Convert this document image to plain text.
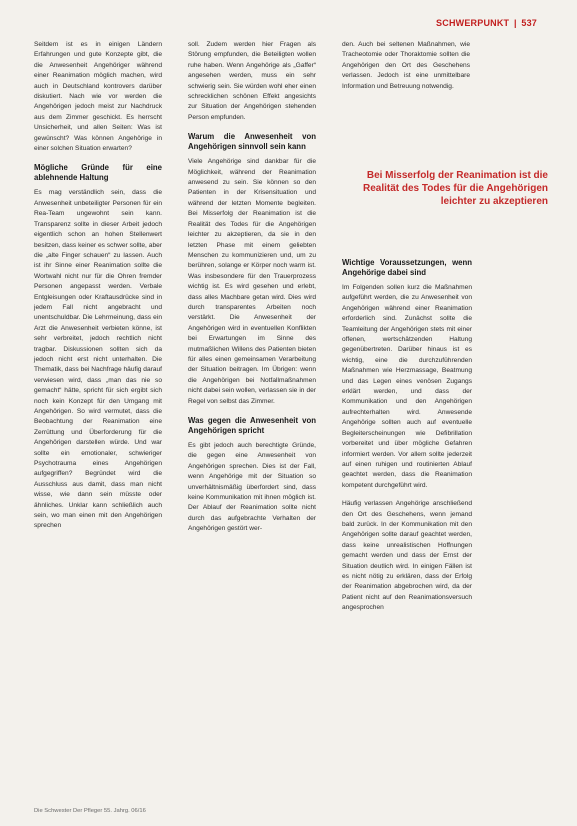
SCHWERPUNKT | 537

Seitdem ist es in einigen Ländern Erfahrungen und gute Konzepte gibt, die die Anwesenheit Angehöriger während einer Reanimation möglich machen, wird auch in Deutschland kontrovers darüber diskutiert. Nach wie vor werden die Angehörigen jedoch meist zur Nachdruck aus dem Zimmer geschickt. Es herrscht Unsicherheit, und allen Seiten: Was ist gewünscht? Was können Angehörige in einer solchen Situation erwarten?

Mögliche Gründe für eine ablehnende Haltung

Es mag verständlich sein, dass die Anwesenheit unbeteiligter Personen für ein Rea-Team ungewohnt sein kann. Transparenz sollte in dieser Arbeit jedoch eigentlich schon an hohen Stellenwert besitzen, dass keiner es schwer sollte, aber die „alte Finger schauen“ zu lassen. Auch ist ihr Sinne einer Reanimation sollte die Wortwahl nicht nur für die Ohren fremder Personen angepasst werden. Verbale Entgleisungen oder Kraftausdrücke sind in jedem Fall nicht angebracht und unentschuldbar. Die Lehrmeinung, dass ein Arzt die Anwesenheit verbieten könne, ist sehr verbreitet, jedoch rechtlich nicht tragbar. Diskussionen sollten sich da jedoch nicht erst nicht unterhalten. Die Thematik, dass bei Nachfrage häufig darauf verwiesen wird, dass „man das nie so gemacht“ hätte, spricht für sich ergibt sich noch kein Konzept für den Umgang mit Angehörigen. So wird vermutet, dass die Beobachtung der Reanimation eine Zerrüttung und Überforderung für die Angehörigen darstellen würde. Und war sollte ein emotionaler, schwieriger Psychotrauma eines Angehörigen aufgegriffen? Begründet wird die Ausschluss aus damit, dass man nicht wisse, wie dann sein müsste oder ähnliches. Unklar kann schließlich auch sein, wo man einen mit den Angehörigen sprechen

soll. Zudem werden hier Fragen als Störung empfunden, die Beteiligten wollen ruhe haben. Wenn Angehörige als „Gaffer“ angesehen werden, muss ein sehr schwierig sein. Sie würden wohl eher einen schrecklichen schönen Effekt angesichts zur Situation der Angehörigen stehenden Person empfunden.

Warum die Anwesenheit von Angehörigen sinnvoll sein kann

Viele Angehörige sind dankbar für die Möglichkeit, während der Reanimation anwesend zu sein. Sie können so den Patienten in der Krisensituation und während der letzten Momente begleiten. Bei Misserfolg der Reanimation ist die Realität des Todes für die Angehörigen leichter zu akzeptieren, da sie in den letzten Phase mit einem geliebten Menschen zu kommunizieren und, um zu berühren, solange er Körper noch warm ist. Was insbesondere für den Trauerprozess wichtig ist. Es wird gesehen und erlebt, dass alles Machbare getan wird. Dies wird durch transparentes Arbeiten noch verstärkt. Die Anwesenheit der Angehörigen wird in eventuellen Konflikten bei Erwartungen im Sinne des mutmaßlichen Willens des Patienten bieten für alles einen gemeinsamen Verarbeitung der Situation beitragen. Im Übrigen: wenn die Angehörigen bei Notfallmaßnahmen nicht dabei sein wollen, verlassen sie in der Regel von selbst das Zimmer.

Was gegen die Anwesenheit von Angehörigen spricht

Es gibt jedoch auch berechtigte Gründe, die gegen eine Anwesenheit von Angehörigen sprechen. Dies ist der Fall, wenn Angehörige mit der Situation so unverhältnismäßig überfordert sind, dass keine Kommunikation mit ihnen möglich ist. Der Ablauf der Reanimation sollte nicht durch das aufgebrachte Verhalten der Angehörigen gestört wer-

den. Auch bei seltenen Maßnahmen, wie Tracheotomie oder Thoraktomie sollten die Angehörigen den Ort des Geschehens verlassen. Jedoch ist eine unmittelbare Information und Betreuung notwendig.

Bei Misserfolg der Reanimation ist die Realität des Todes für die Angehörigen leichter zu akzeptieren
Wichtige Voraussetzungen, wenn Angehörige dabei sind

Im Folgenden sollen kurz die Maßnahmen aufgeführt werden, die zu Anwesenheit von Angehörigen während einer Reanimation erforderlich sind. Zunächst sollte die Teamleitung der Angehörigen stets mit einer offenen, wertschätzenden Haltung gegenübertreten. Darüber hinaus ist es wichtig, eine die durchzuführenden Maßnahmen wie Herzmassage, Beatmung und das Legen eines venösen Zugangs erklärt werden, und dass der Kommunikation und den Angehörigen aufrechterhalten wird. Anwesende Angehörige sollten auch auf eventuelle Begleiterscheinungen wie Defibrillation vorbereitet und über mögliche Gefahren informiert werden. Vor allem sollte jederzeit auf einen ruhigen und routinierten Ablauf geachtet werden, dass die Reanimation kompetent durchgeführt wird.

Häufig verlassen Angehörige anschließend den Ort des Geschehens, wenn jemand bald zurück. In der Kommunikation mit den Angehörigen sollte darauf geachtet werden, dass keine unrealistischen Hoffnungen gemacht werden und dass der Ernst der Situation deutlich wird. In einigen Fällen ist es nicht nötig zu erklären, dass der Erfolg der Reanimation abgebrochen wird, da der Patient nicht auf den Reanimationsversuch angesprochen

Die Schwester Der Pfleger 55. Jahrg. 06/16
